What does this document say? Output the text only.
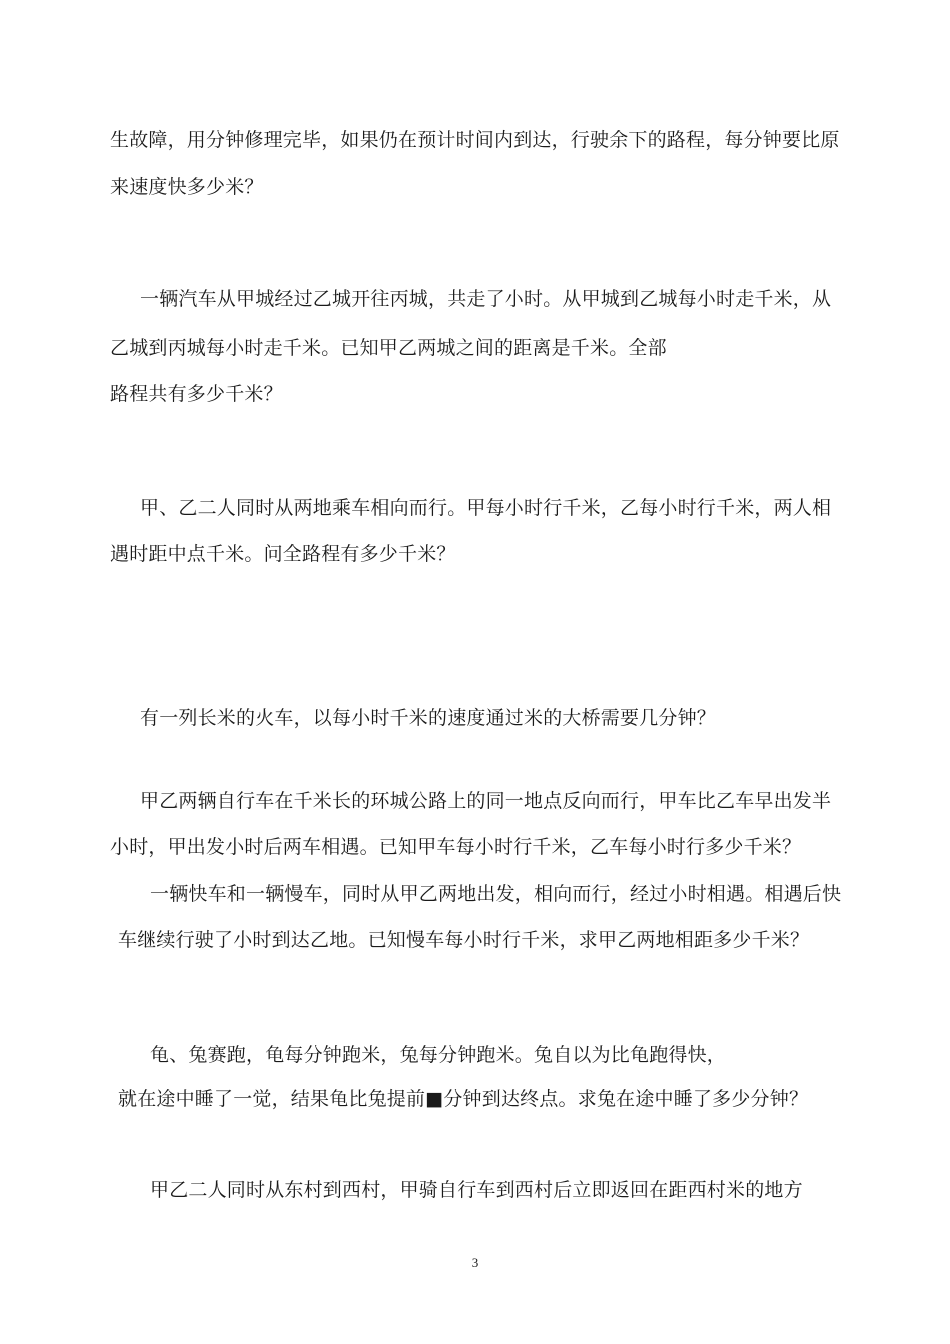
生故障，用分钟修理完毕，如果仍在预计时间内到达，行驶余下的路程，每分钟要比原
来速度快多少米？
一辆汽车从甲城经过乙城开往丙城，共走了小时。从甲城到乙城每小时走千米，从
乙城到丙城每小时走千米。已知甲乙两城之间的距离是千米。全部
路程共有多少千米？
甲、乙二人同时从两地乘车相向而行。甲每小时行千米，乙每小时行千米，两人相
遇时距中点千米。问全路程有多少千米？
有一列长米的火车，以每小时千米的速度通过米的大桥需要几分钟？
甲乙两辆自行车在千米长的环城公路上的同一地点反向而行，甲车比乙车早出发半
小时，甲出发小时后两车相遇。已知甲车每小时行千米，乙车每小时行多少千米？
一辆快车和一辆慢车，同时从甲乙两地出发，相向而行，经过小时相遇。相遇后快
车继续行驶了小时到达乙地。已知慢车每小时行千米，求甲乙两地相距多少千米？
龟、兔赛跑，龟每分钟跑米，兔每分钟跑米。兔自以为比龟跑得快，
就在途中睡了一觉，结果龟比兔提前■分钟到达终点。求兔在途中睡了多少分钟？
甲乙二人同时从东村到西村，甲骑自行车到西村后立即返回在距西村米的地方
3
